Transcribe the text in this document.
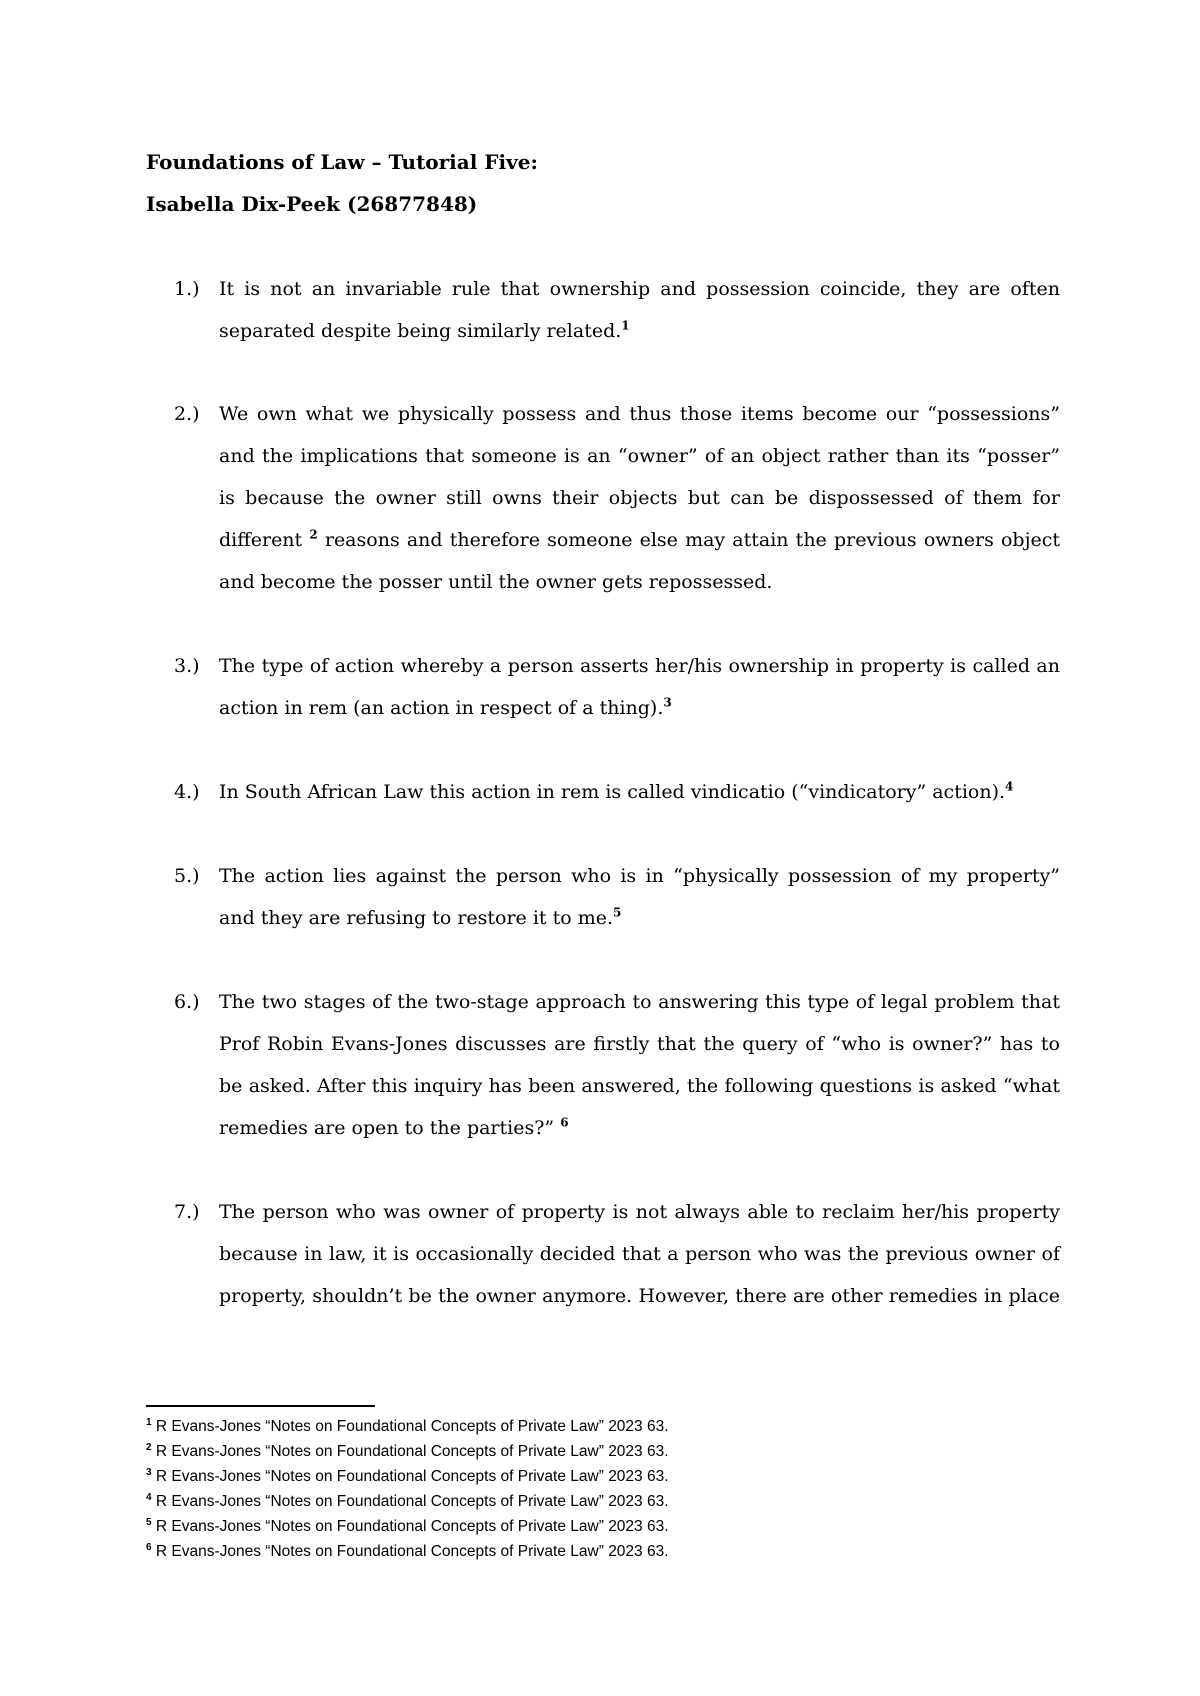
Foundations of Law – Tutorial Five:
Isabella Dix-Peek (26877848)
1.) It is not an invariable rule that ownership and possession coincide, they are often
separated despite being similarly related.$^1$
2.) We own what we physically possess and thus those items become our “possessions”
and the implications that someone is an “owner” of an object rather than its “posser”
is because the owner still owns their objects but can be dispossessed of them for
different $^2$ reasons and therefore someone else may attain the previous owners object
and become the posser until the owner gets repossessed.
3.) The type of action whereby a person asserts her/his ownership in property is called an
action in rem (an action in respect of a thing).$^3$
4.) In South African Law this action in rem is called vindicatio (“vindicatory” action).$^4$
5.) The action lies against the person who is in “physically possession of my property”
and they are refusing to restore it to me.$^5$
6.) The two stages of the two-stage approach to answering this type of legal problem that
Prof Robin Evans-Jones discusses are firstly that the query of “who is owner?” has to
be asked. After this inquiry has been answered, the following questions is asked “what
remedies are open to the parties?” $^6$
7.) The person who was owner of property is not always able to reclaim her/his property
because in law, it is occasionally decided that a person who was the previous owner of
property, shouldn’t be the owner anymore. However, there are other remedies in place
$^1$ R Evans-Jones “Notes on Foundational Concepts of Private Law” 2023 63.
$^2$ R Evans-Jones “Notes on Foundational Concepts of Private Law” 2023 63.
$^3$ R Evans-Jones “Notes on Foundational Concepts of Private Law” 2023 63.
$^4$ R Evans-Jones “Notes on Foundational Concepts of Private Law” 2023 63.
$^5$ R Evans-Jones “Notes on Foundational Concepts of Private Law” 2023 63.
$^6$ R Evans-Jones “Notes on Foundational Concepts of Private Law” 2023 63.
